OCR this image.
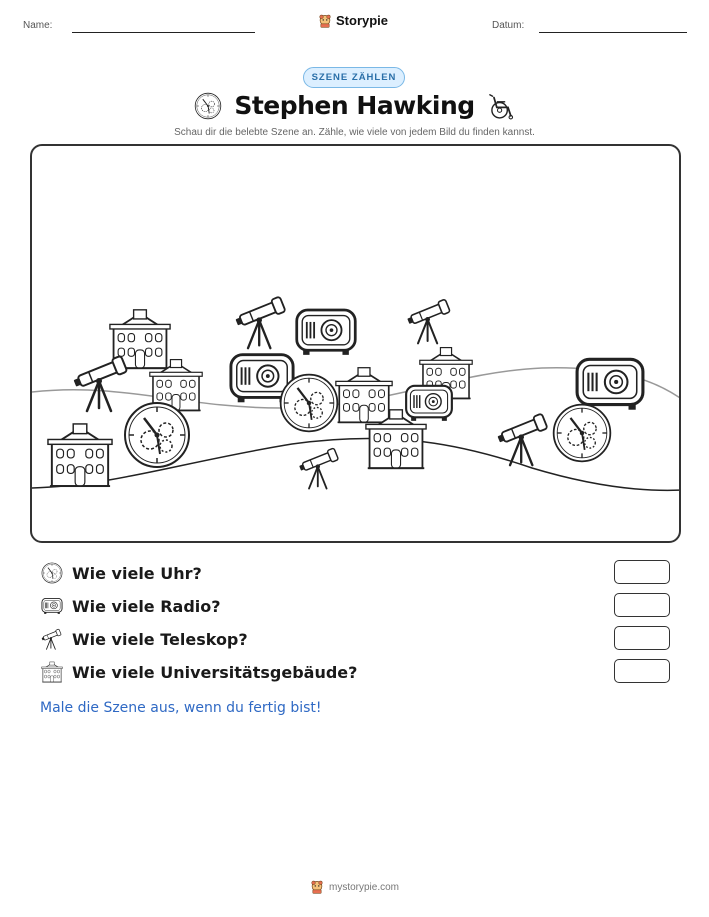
Name:	Storypie	Datum:
SZENE ZÄHLEN
Stephen Hawking
Schau dir die belebte Szene an. Zähle, wie viele von jedem Bild du finden kannst.
Wie viele Uhr?
Wie viele Radio?
Wie viele Teleskop?
Wie viele Universitätsgebäude?
Male die Szene aus, wenn du fertig bist!
mystorypie.com
